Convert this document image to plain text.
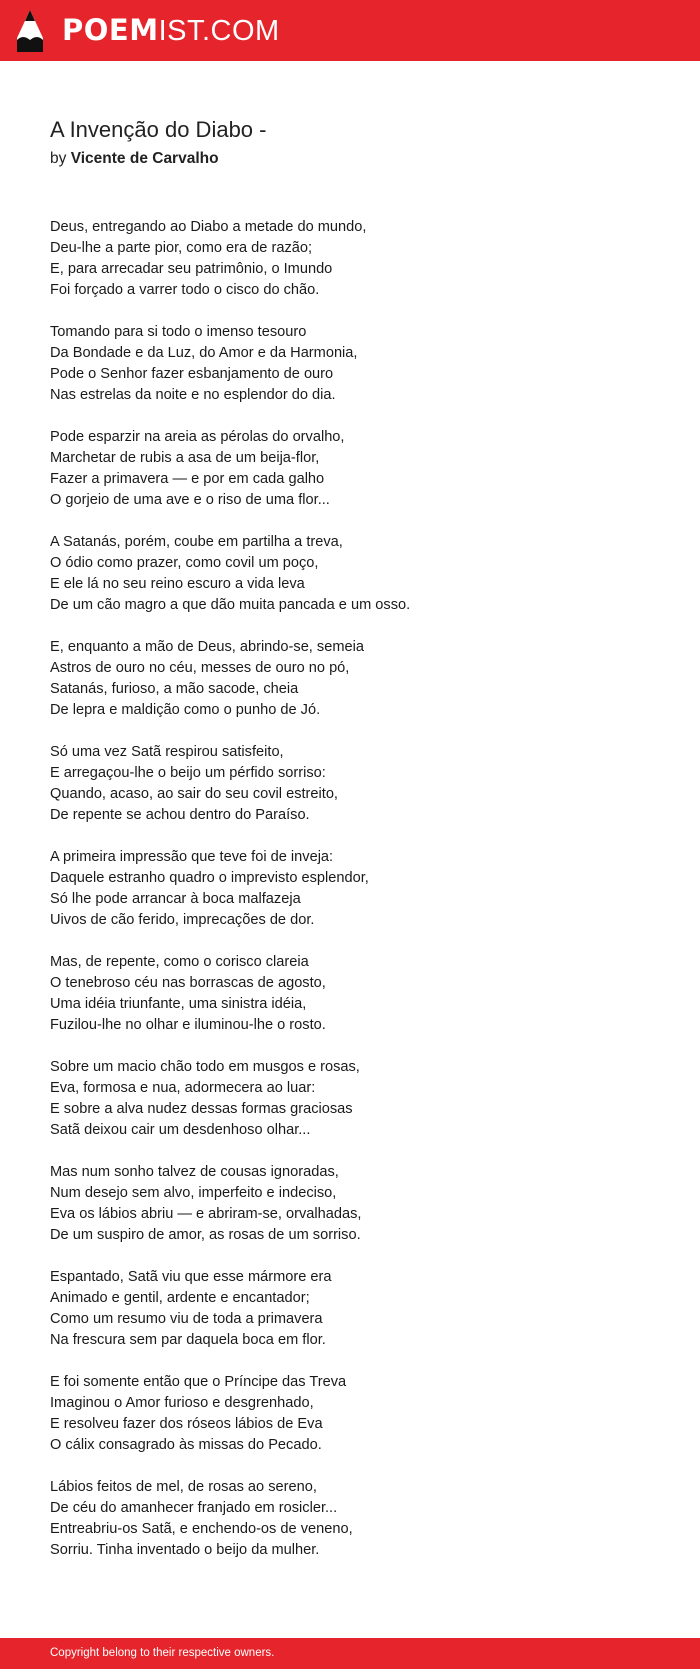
POEMIST.COM
A Invenção do Diabo -
by Vicente de Carvalho
Deus, entregando ao Diabo a metade do mundo,
Deu-lhe a parte pior, como era de razão;
E, para arrecadar seu patrimônio, o Imundo
Foi forçado a varrer todo o cisco do chão.
Tomando para si todo o imenso tesouro
Da Bondade e da Luz, do Amor e da Harmonia,
Pode o Senhor fazer esbanjamento de ouro
Nas estrelas da noite e no esplendor do dia.
Pode esparzir na areia as pérolas do orvalho,
Marchetar de rubis a asa de um beija-flor,
Fazer a primavera — e por em cada galho
O gorjeio de uma ave e o riso de uma flor...
A Satanás, porém, coube em partilha a treva,
O ódio como prazer, como covil um poço,
E ele lá no seu reino escuro a vida leva
De um cão magro a que dão muita pancada e um osso.
E, enquanto a mão de Deus, abrindo-se, semeia
Astros de ouro no céu, messes de ouro no pó,
Satanás, furioso, a mão sacode, cheia
De lepra e maldição como o punho de Jó.
Só uma vez Satã respirou satisfeito,
E arregaçou-lhe o beijo um pérfido sorriso:
Quando, acaso, ao sair do seu covil estreito,
De repente se achou dentro do Paraíso.
A primeira impressão que teve foi de inveja:
Daquele estranho quadro o imprevisto esplendor,
Só lhe pode arrancar à boca malfazeja
Uivos de cão ferido, imprecações de dor.
Mas, de repente, como o corisco clareia
O tenebroso céu nas borrascas de agosto,
Uma idéia triunfante, uma sinistra idéia,
Fuzilou-lhe no olhar e iluminou-lhe o rosto.
Sobre um macio chão todo em musgos e rosas,
Eva, formosa e nua, adormecera ao luar:
E sobre a alva nudez dessas formas graciosas
Satã deixou cair um desdenhoso olhar...
Mas num sonho talvez de cousas ignoradas,
Num desejo sem alvo, imperfeito e indeciso,
Eva os lábios abriu — e abriram-se, orvalhadas,
De um suspiro de amor, as rosas de um sorriso.
Espantado, Satã viu que esse mármore era
Animado e gentil, ardente e encantador;
Como um resumo viu de toda a primavera
Na frescura sem par daquela boca em flor.
E foi somente então que o Príncipe das Treva
Imaginou o Amor furioso e desgrenhado,
E resolveu fazer dos róseos lábios de Eva
O cálix consagrado às missas do Pecado.
Lábios feitos de mel, de rosas ao sereno,
De céu do amanhecer franjado em rosicler...
Entreabriu-os Satã, e enchendo-os de veneno,
Sorriu. Tinha inventado o beijo da mulher.
Copyright belong to their respective owners.
